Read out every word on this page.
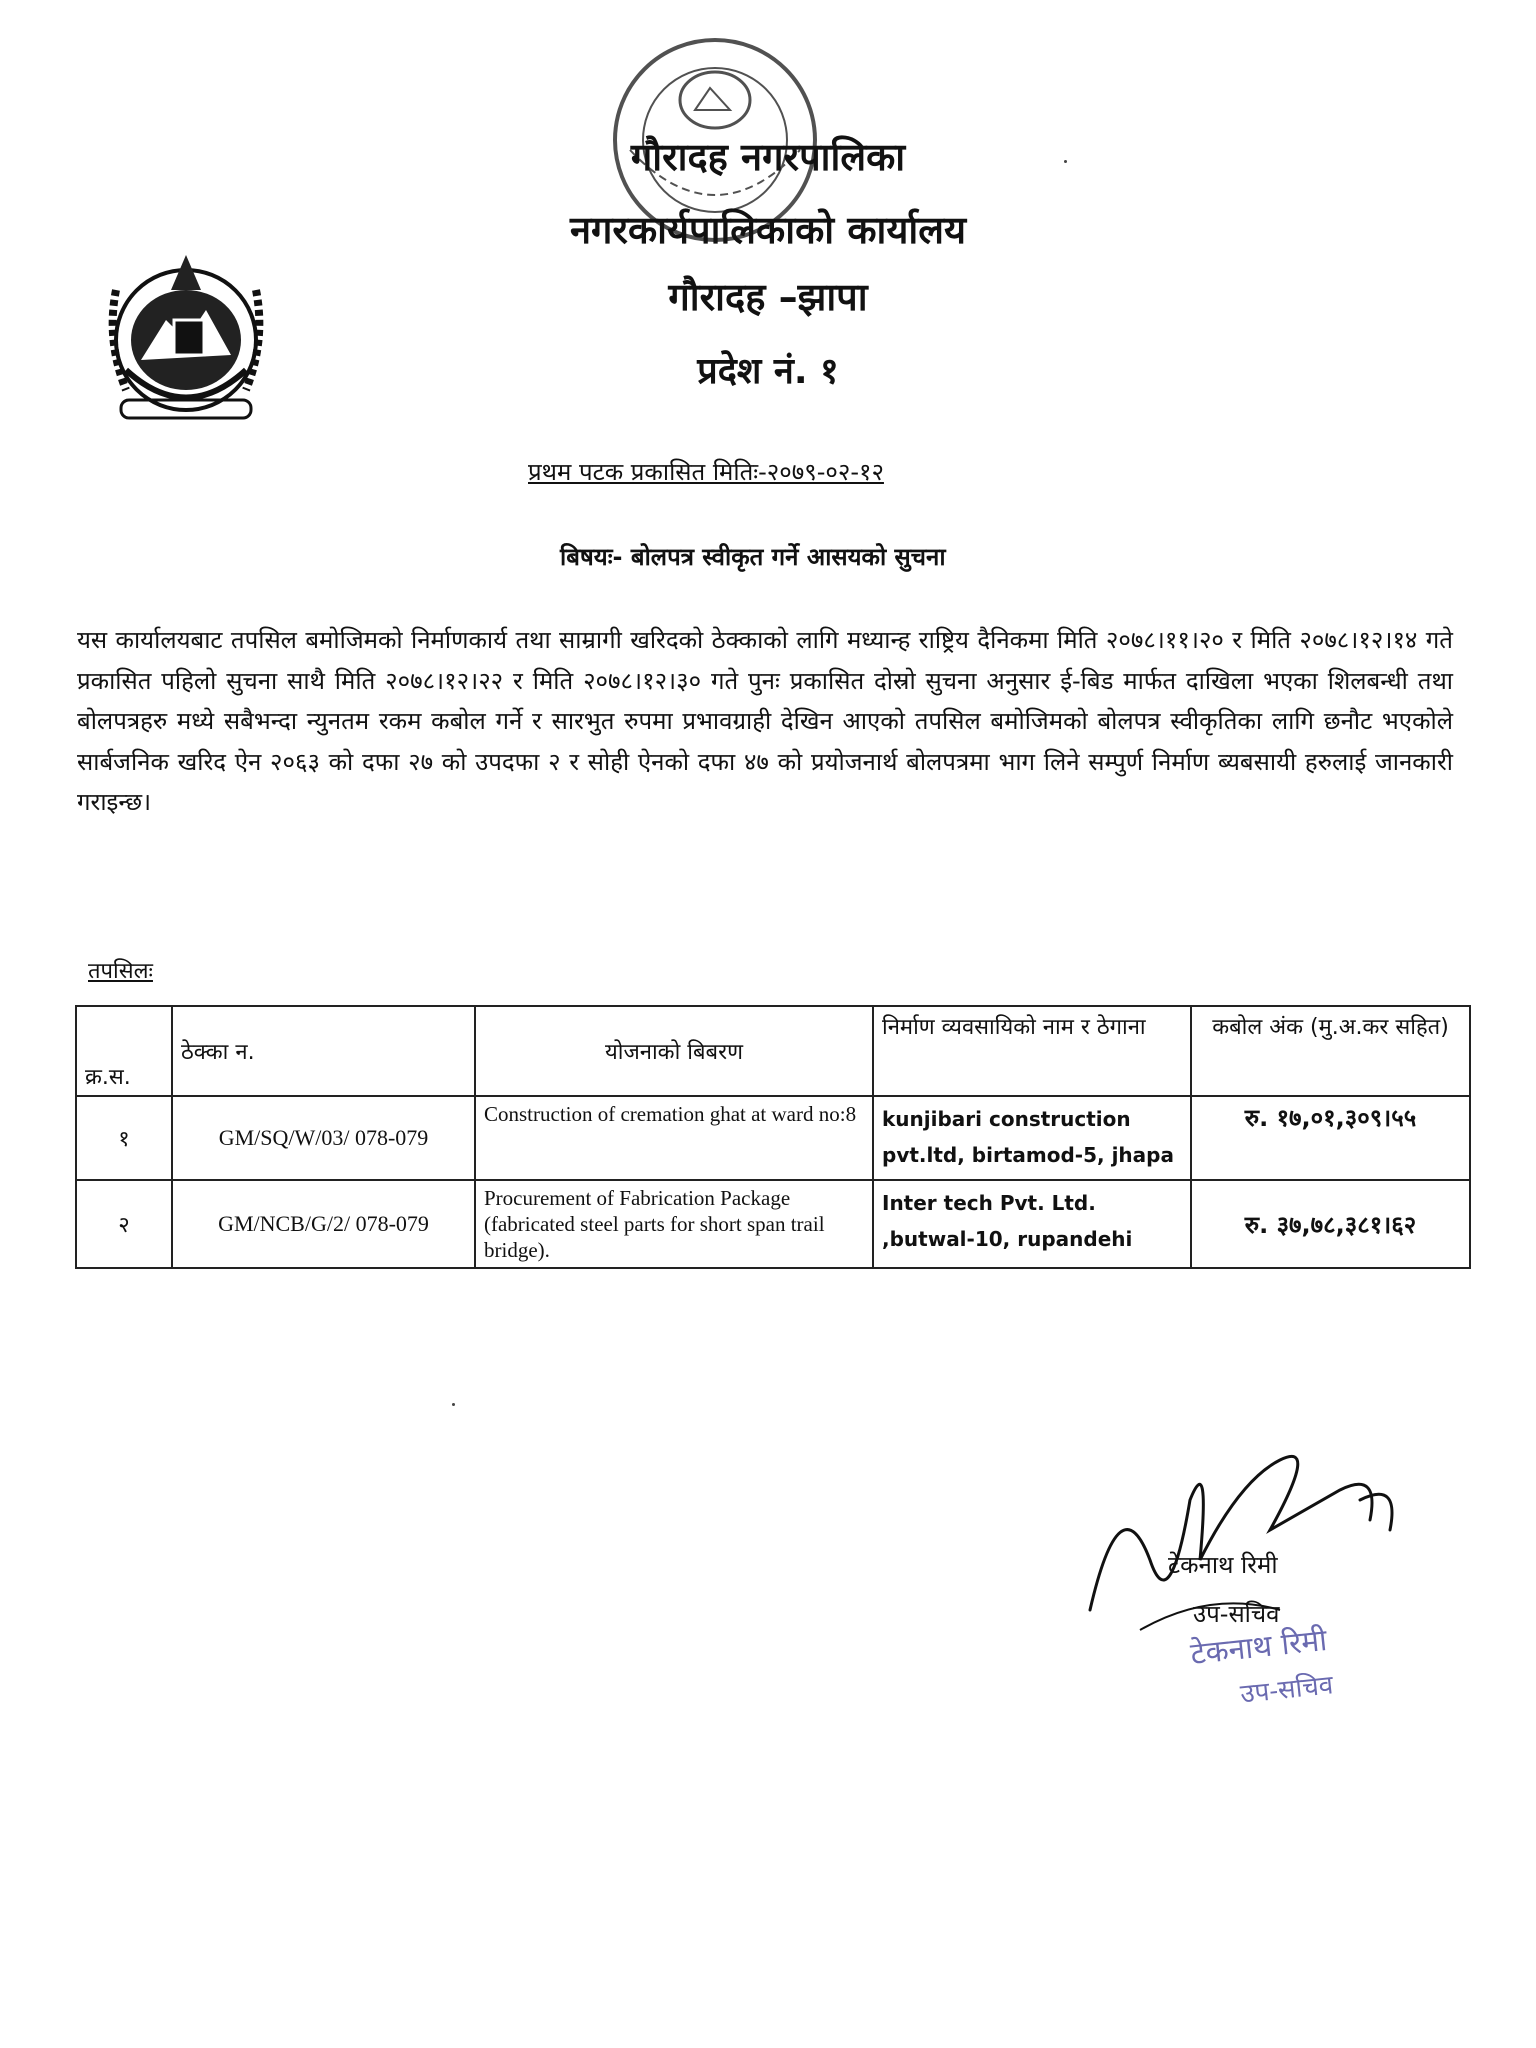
गौरादह नगरपालिका
नगरकार्यपालिकाको कार्यालय
गौरादह –झापा
प्रदेश नं. १
प्रथम पटक प्रकासित मितिः-२०७९-०२-१२
बिषयः- बोलपत्र स्वीकृत गर्ने आसयको सुचना
यस कार्यालयबाट तपसिल बमोजिमको निर्माणकार्य तथा साम्रागी खरिदको ठेक्काको लागि मध्यान्ह राष्ट्रिय दैनिकमा मिति २०७८।११।२० र मिति २०७८।१२।१४ गते प्रकासित पहिलो सुचना साथै मिति २०७८।१२।२२ र मिति २०७८।१२।३० गते पुनः प्रकासित दोस्रो सुचना अनुसार ई-बिड मार्फत दाखिला भएका शिलबन्धी तथा बोलपत्रहरु मध्ये सबैभन्दा न्युनतम रकम कबोल गर्ने र सारभुत रुपमा प्रभावग्राही देखिन आएको तपसिल बमोजिमको बोलपत्र स्वीकृतिका लागि छनौट भएकोले सार्बजनिक खरिद ऐन २०६३ को दफा २७ को उपदफा २ र सोही ऐनको दफा ४७ को प्रयोजनार्थ बोलपत्रमा भाग लिने सम्पुर्ण निर्माण ब्यबसायी हरुलाई जानकारी गराइन्छ।
तपसिलः
क्र.स.	ठेक्का न.	योजनाको बिबरण	निर्माण व्यवसायिको नाम र ठेगाना	कबोल अंक (मु.अ.कर सहित)
१	GM/SQ/W/03/ 078-079	Construction of cremation ghat at ward no:8	kunjibari construction pvt.ltd, birtamod-5, jhapa	रु. १७,०१,३०९।५५
२	GM/NCB/G/2/ 078-079	Procurement of Fabrication Package (fabricated steel parts for short span trail bridge).	Inter tech Pvt. Ltd. ,butwal-10, rupandehi	रु. ३७,७८,३८१।६२
टेकनाथ रिमी
उप-सचिव
टेकनाथ रिमी
उप-सचिव
